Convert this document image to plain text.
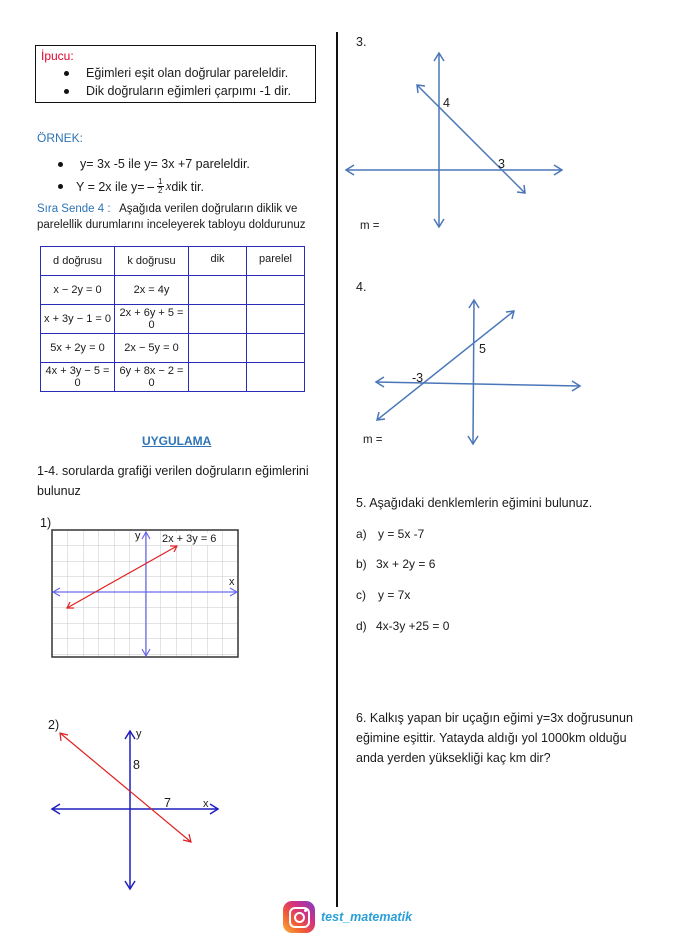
İpucu:
Eğimleri eşit olan doğrular pareleldir.
Dik doğruların eğimleri çarpımı -1 dir.
ÖRNEK:
y= 3x -5 ile y= 3x +7 pareleldir.
Y = 2x ile $y= - \frac{1}{2}$ x dik tir.
Sıra Sende 4 : Aşağıda verilen doğruların diklik ve
parelellik durumlarını inceleyerek tabloyu doldurunuz
d doğrusu	k doğrusu	dik	parelel
x − 2y = 0	2x = 4y		
x + 3y − 1 = 0	2x + 6y + 5 = 0		
5x + 2y = 0	2x − 5y = 0		
4x + 3y − 5 = 0	6y + 8x − 2 = 0		
UYGULAMA
1-4. sorularda grafiği verilen doğruların eğimlerini
bulunuz
1)
y 2x + 3y = 6
x
2)
y
8
7	x
3.
4
3
m =
4.
5
-3
m =
5. Aşağıdaki denklemlerin eğimini bulunuz.
a) y = 5x -7
b) 3x + 2y = 6
c) y = 7x
d) 4x-3y +25 = 0
6. Kalkış yapan bir uçağın eğimi y=3x doğrusunun
eğimine eşittir. Yatayda aldığı yol 1000km olduğu
anda yerden yüksekliği kaç km dir?
test_matematik
